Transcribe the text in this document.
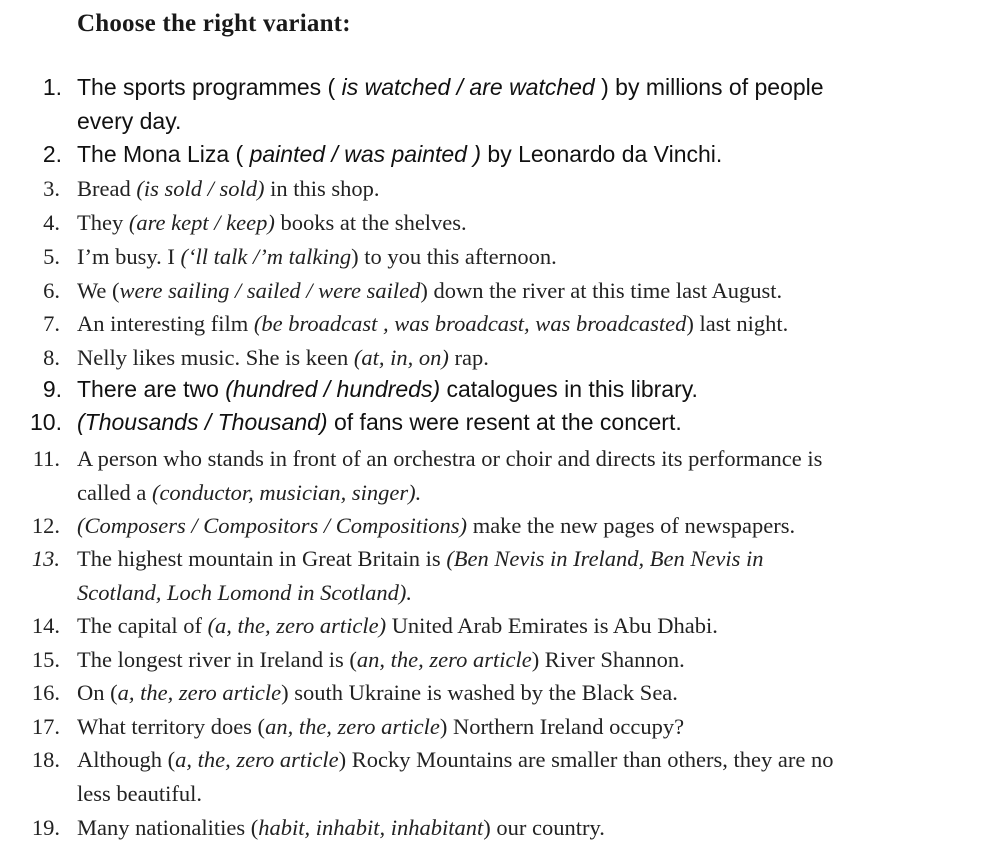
Choose the right variant:
1. The sports programmes ( is watched / are watched ) by millions of people
every day.
2. The Mona Liza ( painted / was painted ) by Leonardo da Vinchi.
3. Bread (is sold / sold) in this shop.
4. They (are kept / keep) books at the shelves.
5. I’m busy. I (‘ll talk /’m talking) to you this afternoon.
6. We (were sailing / sailed / were sailed) down the river at this time last August.
7. An interesting film (be broadcast , was broadcast, was broadcasted) last night.
8. Nelly likes music. She is keen (at, in, on) rap.
9. There are two (hundred / hundreds) catalogues in this library.
10. (Thousands / Thousand) of fans were resent at the concert.
11. A person who stands in front of an orchestra or choir and directs its performance is
called a (conductor, musician, singer).
12. (Composers / Compositors / Compositions) make the new pages of newspapers.
13. The highest mountain in Great Britain is (Ben Nevis in Ireland, Ben Nevis in
Scotland, Loch Lomond in Scotland).
14. The capital of (a, the, zero article) United Arab Emirates is Abu Dhabi.
15. The longest river in Ireland is (an, the, zero article) River Shannon.
16. On (a, the, zero article) south Ukraine is washed by the Black Sea.
17. What territory does (an, the, zero article) Northern Ireland occupy?
18. Although (a, the, zero article) Rocky Mountains are smaller than others, they are no
less beautiful.
19. Many nationalities (habit, inhabit, inhabitant) our country.
